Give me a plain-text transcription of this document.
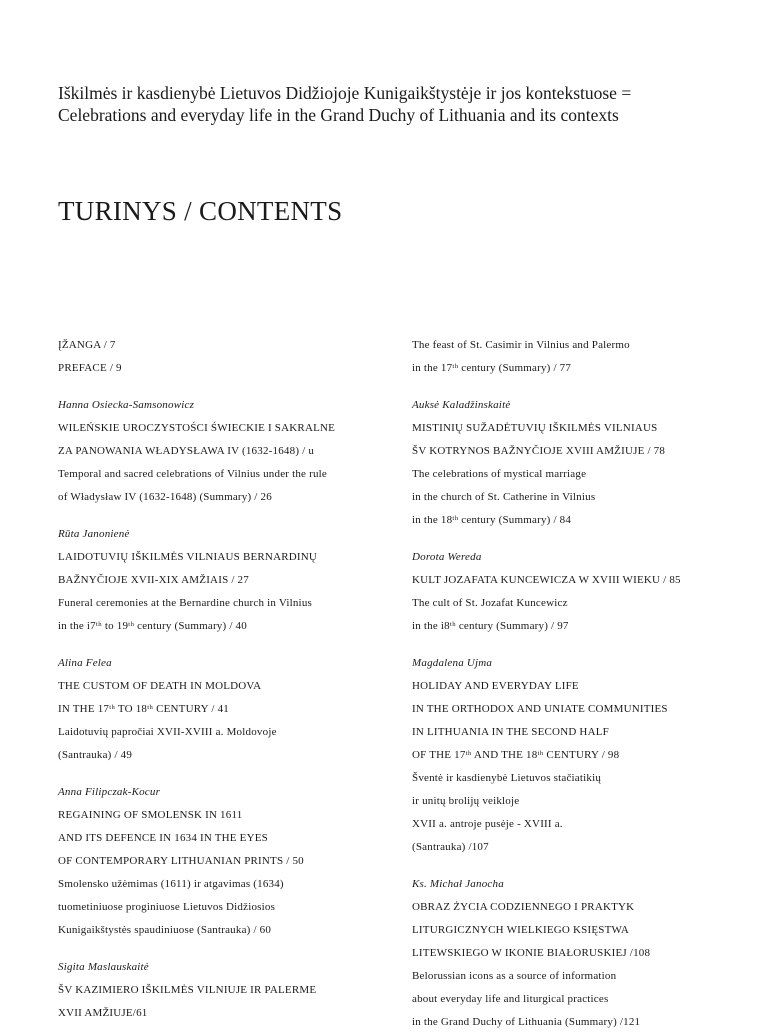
Iškilmės ir kasdienybė Lietuvos Didžiojoje Kunigaikštystėje ir jos kontekstuose =
Celebrations and everyday life in the Grand Duchy of Lithuania and its contexts
TURINYS / CONTENTS
ĮŽANGA / 7
PREFACE / 9
Hanna Osiecka-Samsonowicz
WILEŃSKIE UROCZYSTOŚCI ŚWIECKIE I SAKRALNE
ZA PANOWANIA WŁADYSŁAWA IV (1632-1648) / u
Temporal and sacred celebrations of Vilnius under the rule
of Władysław IV (1632-1648) (Summary) / 26
Rūta Janonienė
LAIDOTUVIŲ IŠKILMĖS VILNIAUS BERNARDINŲ
BAŽNYČIOJE XVII-XIX AMŽIAIS / 27
Funeral ceremonies at the Bernardine church in Vilnius
in the i7ᵗʰ to 19ᵗʰ century (Summary) / 40
Alina Felea
THE CUSTOM OF DEATH IN MOLDOVA
IN THE 17ᵗʰ TO 18ᵗʰ CENTURY / 41
Laidotuvių papročiai XVII-XVIII a. Moldovoje
(Santrauka) / 49
Anna Filipczak-Kocur
REGAINING OF SMOLENSK IN 1611
AND ITS DEFENCE IN 1634 IN THE EYES
OF CONTEMPORARY LITHUANIAN PRINTS / 50
Smolensko užėmimas (1611) ir atgavimas (1634)
tuometiniuose proginiuose Lietuvos Didžiosios
Kunigaikštystės spaudiniuose (Santrauka) / 60
Sigita Maslauskaitė
ŠV KAZIMIERO IŠKILMĖS VILNIUJE IR PALERME
XVII AMŽIUJE/61
The feast of St. Casimir in Vilnius and Palermo
in the 17ᵗʰ century (Summary) / 77
Auksė Kaladžinskaitė
MISTINIŲ SUŽADĖTUVIŲ IŠKILMĖS VILNIAUS
ŠV KOTRYNOS BAŽNYČIOJE XVIII AMŽIUJE / 78
The celebrations of mystical marriage
in the church of St. Catherine in Vilnius
in the 18ᵗʰ century (Summary) / 84
Dorota Wereda
KULT JOZAFATA KUNCEWICZA W XVIII WIEKU / 85
The cult of St. Jozafat Kuncewicz
in the i8ᵗʰ century (Summary) / 97
Magdalena Ujma
HOLIDAY AND EVERYDAY LIFE
IN THE ORTHODOX AND UNIATE COMMUNITIES
IN LITHUANIA IN THE SECOND HALF
OF THE 17ᵗʰ AND THE 18ᵗʰ CENTURY / 98
Šventė ir kasdienybė Lietuvos stačiatikių
ir unitų brolijų veikloje
XVII a. antroje pusėje - XVIII a.
(Santrauka) /107
Ks. Michał Janocha
OBRAZ ŻYCIA CODZIENNEGO I PRAKTYK
LITURGICZNYCH WIELKIEGO KSIĘSTWA
LITEWSKIEGO W IKONIE BIAŁORUSKIEJ /108
Belorussian icons as a source of information
about everyday life and liturgical practices
in the Grand Duchy of Lithuania (Summary) /121
